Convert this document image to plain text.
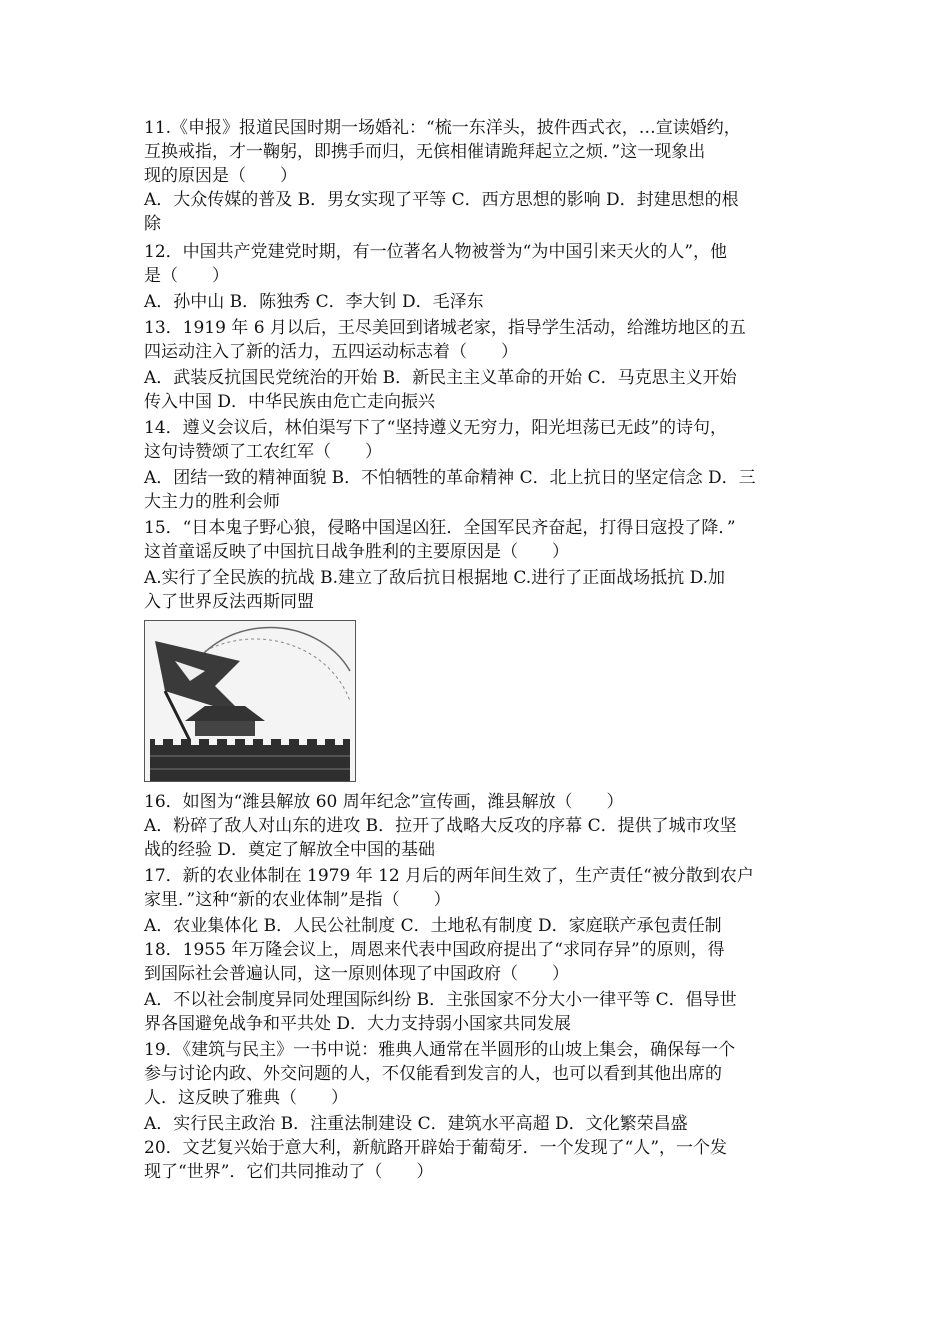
11.《申报》报道民国时期一场婚礼：“梳一东洋头，披件西式衣，…宣读婚约，
互换戒指，才一鞠躬，即携手而归，无傧相催请跪拜起立之烦．”这一现象出
现的原因是（　　）
A．大众传媒的普及 B．男女实现了平等 C．西方思想的影响 D．封建思想的根
除
12．中国共产党建党时期，有一位著名人物被誉为“为中国引来天火的人”，他
是（　　）
A．孙中山 B．陈独秀 C．李大钊 D．毛泽东
13．1919 年 6 月以后，王尽美回到诸城老家，指导学生活动，给潍坊地区的五
四运动注入了新的活力，五四运动标志着（　　）
A．武装反抗国民党统治的开始 B．新民主主义革命的开始 C．马克思主义开始
传入中国 D．中华民族由危亡走向振兴
14．遵义会议后，林伯渠写下了“坚持遵义无穷力，阳光坦荡已无歧”的诗句，
这句诗赞颂了工农红军（　　）
A．团结一致的精神面貌 B．不怕牺牲的革命精神 C．北上抗日的坚定信念 D．三
大主力的胜利会师
15．“日本鬼子野心狼，侵略中国逞凶狂．全国军民齐奋起，打得日寇投了降．”
这首童谣反映了中国抗日战争胜利的主要原因是（　　）
A.实行了全民族的抗战 B.建立了敌后抗日根据地 C.进行了正面战场抵抗 D.加
入了世界反法西斯同盟
16．如图为“潍县解放 60 周年纪念”宣传画，潍县解放（　　）
A．粉碎了敌人对山东的进攻 B．拉开了战略大反攻的序幕 C．提供了城市攻坚
战的经验 D．奠定了解放全中国的基础
17．新的农业体制在 1979 年 12 月后的两年间生效了，生产责任“被分散到农户
家里．”这种“新的农业体制”是指（　　）
A．农业集体化 B．人民公社制度 C．土地私有制度 D．家庭联产承包责任制
18．1955 年万隆会议上，周恩来代表中国政府提出了“求同存异”的原则，得
到国际社会普遍认同，这一原则体现了中国政府（　　）
A．不以社会制度异同处理国际纠纷 B．主张国家不分大小一律平等 C．倡导世
界各国避免战争和平共处 D．大力支持弱小国家共同发展
19．《建筑与民主》一书中说：雅典人通常在半圆形的山坡上集会，确保每一个
参与讨论内政、外交问题的人，不仅能看到发言的人，也可以看到其他出席的
人．这反映了雅典（　　）
A．实行民主政治 B．注重法制建设 C．建筑水平高超 D．文化繁荣昌盛
20．文艺复兴始于意大利，新航路开辟始于葡萄牙．一个发现了“人”，一个发
现了“世界”．它们共同推动了（　　）
